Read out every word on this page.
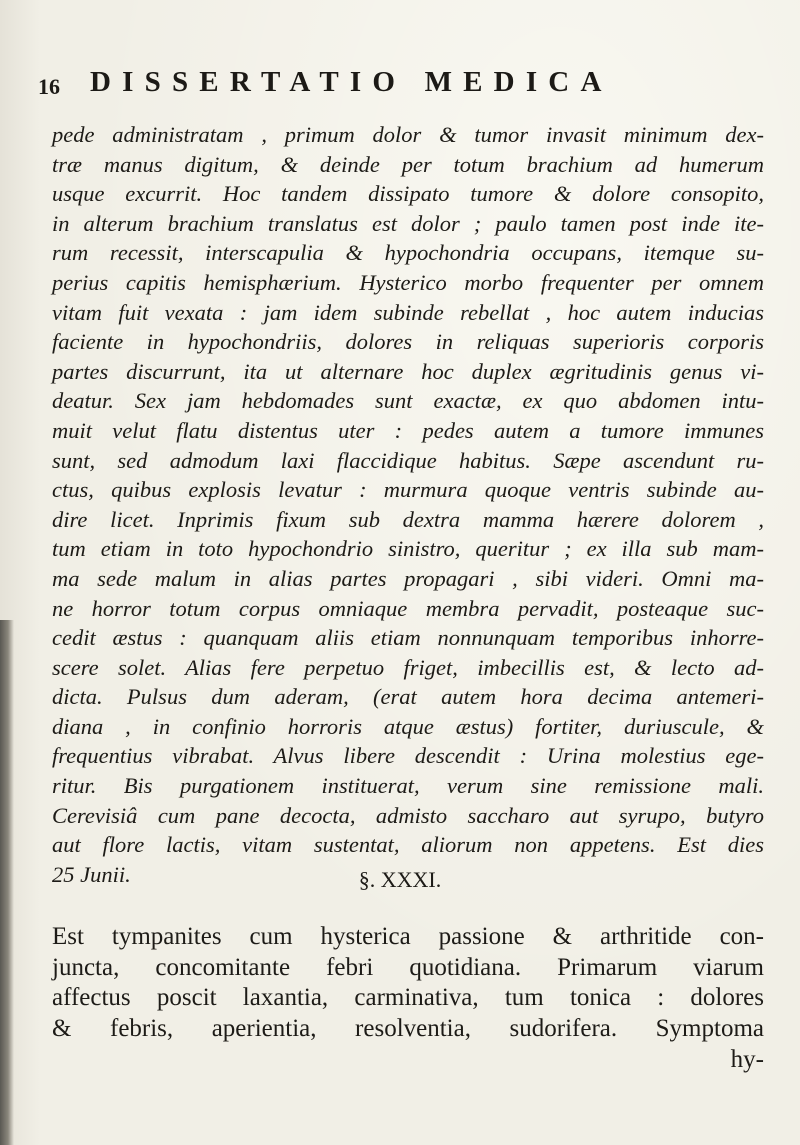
16 DISSERTATIO MEDICA
pede administratam , primum dolor & tumor invasit minimum dex-
træ manus digitum, & deinde per totum brachium ad humerum
usque excurrit. Hoc tandem dissipato tumore & dolore consopito,
in alterum brachium translatus est dolor ; paulo tamen post inde ite-
rum recessit, interscapulia & hypochondria occupans, itemque su-
perius capitis hemisphærium. Hysterico morbo frequenter per omnem
vitam fuit vexata : jam idem subinde rebellat , hoc autem inducias
faciente in hypochondriis, dolores in reliquas superioris corporis
partes discurrunt, ita ut alternare hoc duplex ægritudinis genus vi-
deatur. Sex jam hebdomades sunt exactæ, ex quo abdomen intu-
muit velut flatu distentus uter : pedes autem a tumore immunes
sunt, sed admodum laxi flaccidique habitus. Sæpe ascendunt ru-
ctus, quibus explosis levatur : murmura quoque ventris subinde au-
dire licet. Inprimis fixum sub dextra mamma hærere dolorem ,
tum etiam in toto hypochondrio sinistro, queritur ; ex illa sub mam-
ma sede malum in alias partes propagari , sibi videri. Omni ma-
ne horror totum corpus omniaque membra pervadit, posteaque suc-
cedit æstus : quanquam aliis etiam nonnunquam temporibus inhorre-
scere solet. Alias fere perpetuo friget, imbecillis est, & lecto ad-
dicta. Pulsus dum aderam, (erat autem hora decima antemeri-
diana , in confinio horroris atque æstus) fortiter, duriusculе, &
frequentius vibrabat. Alvus libere descendit : Urina molestius ege-
ritur. Bis purgationem instituerat, verum sine remissione mali.
Cerevisiâ cum pane decocta, admisto saccharo aut syrupo, butyro
aut flore lactis, vitam sustentat, aliorum non appetens. Est dies
25 Junii.	§. XXXI.
Est tympanites cum hysterica passione & arthritide con-
juncta, concomitante febri quotidiana. Primarum viarum
affectus poscit laxantia, carminativa, tum tonica : dolores
& febris, aperientia, resolventia, sudorifera. Symptoma
hy-
